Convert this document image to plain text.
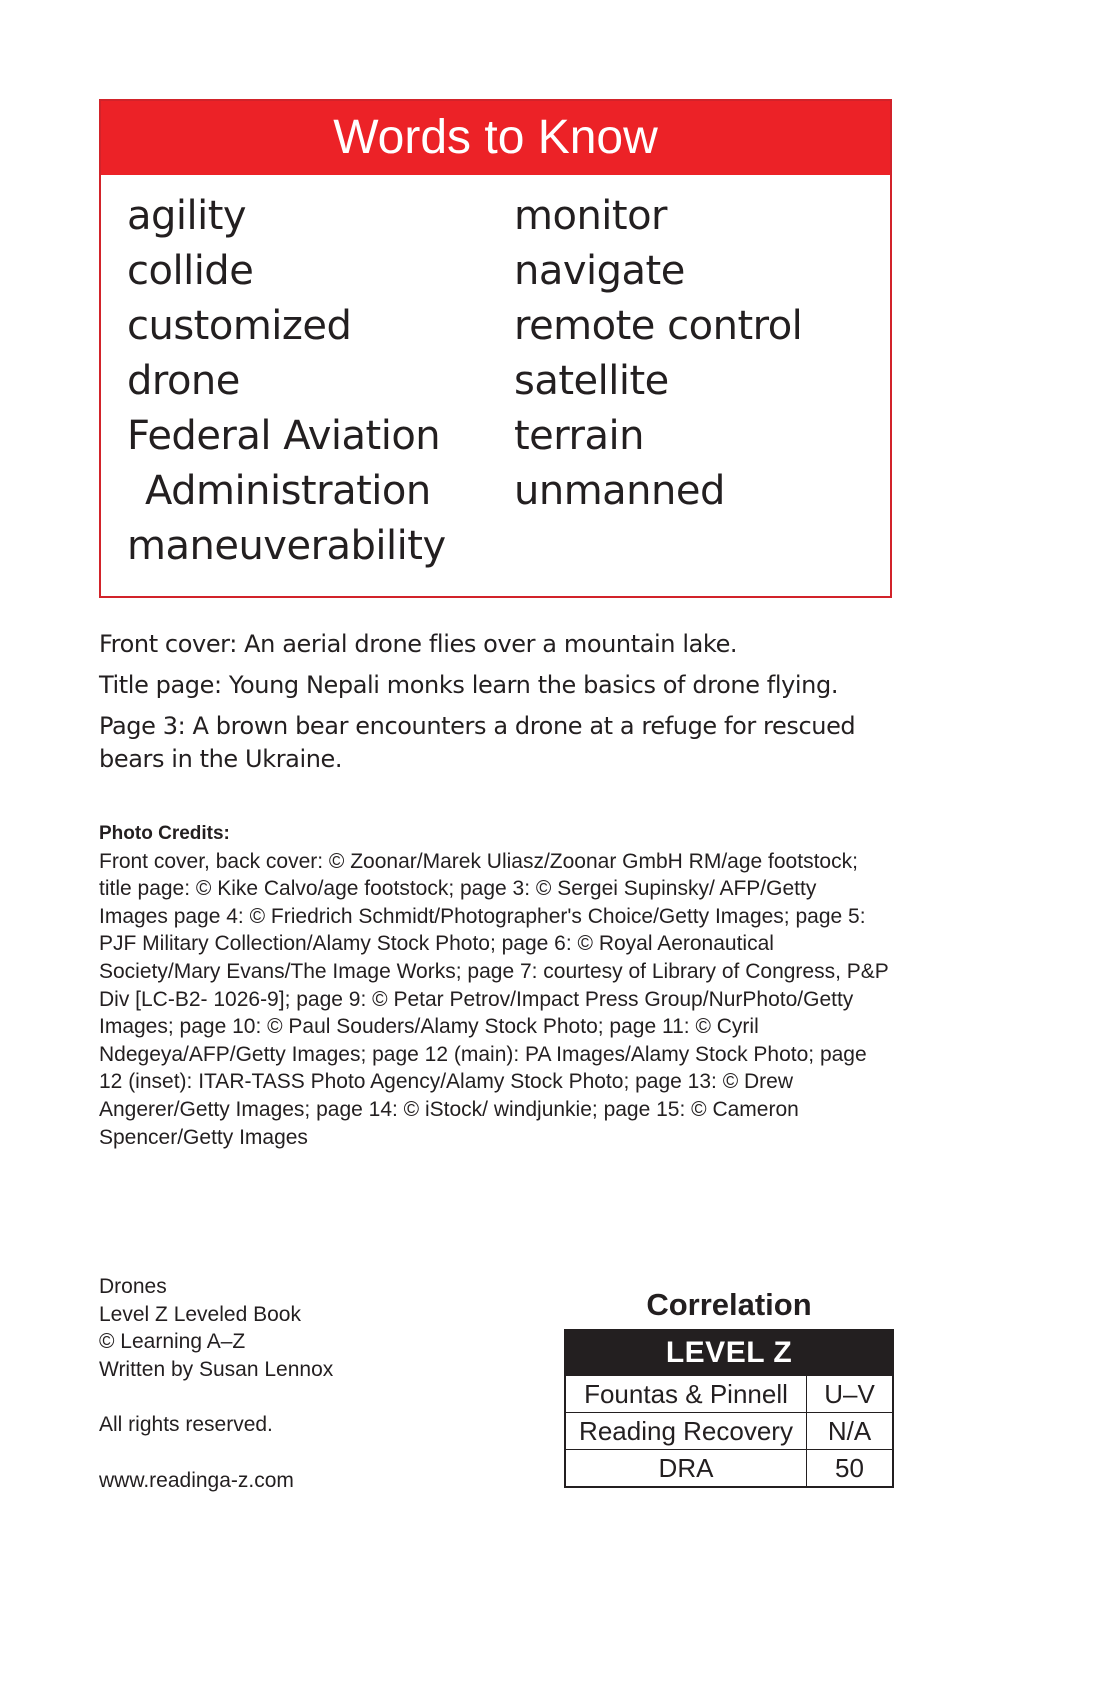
Words to Know
agility
collide
customized
drone
Federal Aviation
Administration
maneuverability
monitor
navigate
remote control
satellite
terrain
unmanned

Front cover: An aerial drone flies over a mountain lake.

Title page: Young Nepali monks learn the basics of drone flying.

Page 3: A brown bear encounters a drone at a refuge for rescued bears in the Ukraine.

Photo Credits:

Front cover, back cover: © Zoonar/Marek Uliasz/Zoonar GmbH RM/age footstock; title page: © Kike Calvo/age footstock; page 3: © Sergei Supinsky/ AFP/Getty Images page 4: © Friedrich Schmidt/Photographer's Choice/Getty Images; page 5: PJF Military Collection/Alamy Stock Photo; page 6: © Royal Aeronautical Society/Mary Evans/The Image Works; page 7: courtesy of Library of Congress, P&P Div [LC-B2- 1026-9]; page 9: © Petar Petrov/Impact Press Group/NurPhoto/Getty Images; page 10: © Paul Souders/Alamy Stock Photo; page 11: © Cyril Ndegeya/AFP/Getty Images; page 12 (main): PA Images/Alamy Stock Photo; page 12 (inset): ITAR-TASS Photo Agency/Alamy Stock Photo; page 13: © Drew Angerer/Getty Images; page 14: © iStock/ windjunkie; page 15: © Cameron Spencer/Getty Images

Drones
Level Z Leveled Book
© Learning A–Z
Written by Susan Lennox
All rights reserved.
www.readinga-z.com
Correlation
LEVEL Z	
Fountas & Pinnell	U–V
Reading Recovery	N/A
DRA	50
